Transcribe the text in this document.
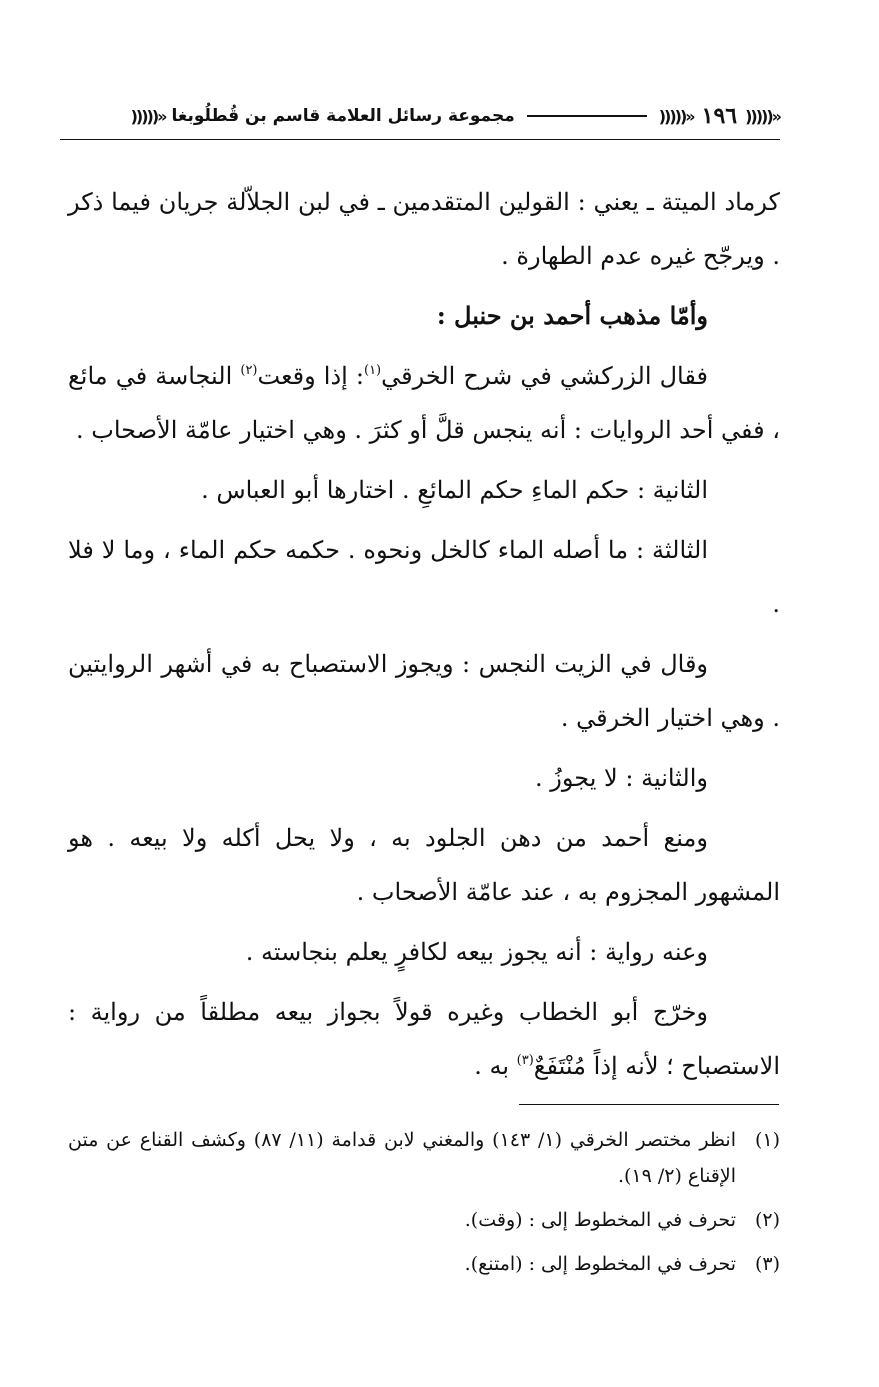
«(((((
١٩٦
«(((((
مجموعة رسائل العلامة قاسم بن قُطلُوبغا
«(((((

كرماد الميتة ـ يعني : القولين المتقدمين ـ في لبن الجلاّلة جريان فيما ذكر . ويرجّح غيره عدم الطهارة .

وأمّا مذهب أحمد بن حنبل :

فقال الزركشي في شرح الخرقي$^{(١)}$: إذا وقعت$^{(٢)}$ النجاسة في مائع ، ففي أحد الروايات : أنه ينجس قلَّ أو كثرَ . وهي اختيار عامّة الأصحاب .

الثانية : حكم الماءِ حكم المائعِ . اختارها أبو العباس .

الثالثة : ما أصله الماء كالخل ونحوه . حكمه حكم الماء ، وما لا فلا .

وقال في الزيت النجس : ويجوز الاستصباح به في أشهر الروايتين . وهي اختيار الخرقي .

والثانية : لا يجوزُ .

ومنع أحمد من دهن الجلود به ، ولا يحل أكله ولا بيعه . هو المشهور المجزوم به ، عند عامّة الأصحاب .

وعنه رواية : أنه يجوز بيعه لكافرٍ يعلم بنجاسته .

وخرّج أبو الخطاب وغيره قولاً بجواز بيعه مطلقاً من رواية : الاستصباح ؛ لأنه إذاً مُنْتَفَعٌ$^{(٣)}$ به .

(١)
انظر مختصر الخرقي (١/ ١٤٣) والمغني لابن قدامة (١١/ ٨٧) وكشف القناع عن متن الإقناع (٢/ ١٩).
(٢)
تحرف في المخطوط إلى : (وقت).
(٣)
تحرف في المخطوط إلى : (امتنع).
